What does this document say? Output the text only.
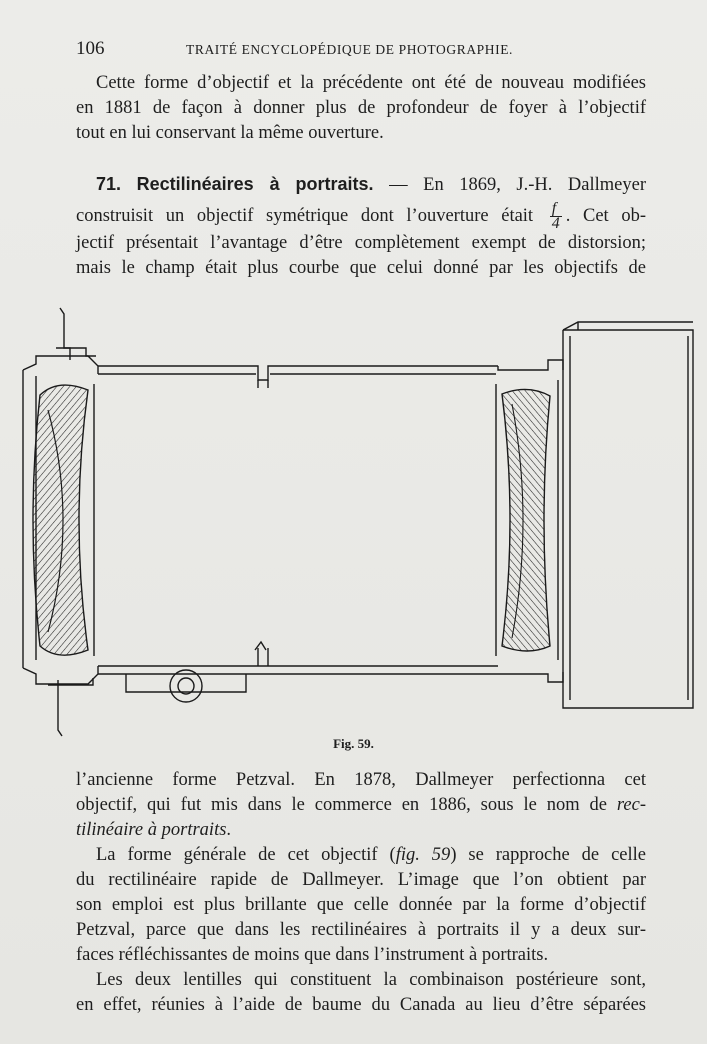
106	TRAITÉ ENCYCLOPÉDIQUE DE PHOTOGRAPHIE.
Cette forme d’objectif et la précédente ont été de nouveau modifiées
en 1881 de façon à donner plus de profondeur de foyer à l’objectif
tout en lui conservant la même ouverture.
71. Rectilinéaires à portraits. — En 1869, J.-H. Dallmeyer
construisit un objectif symétrique dont l’ouverture était $\frac{f}{4}$ . Cet ob-
jectif présentait l’avantage d’être complètement exempt de distorsion;
mais le champ était plus courbe que celui donné par les objectifs de
Fig. 59.
l’ancienne forme Petzval. En 1878, Dallmeyer perfectionna cet
objectif, qui fut mis dans le commerce en 1886, sous le nom de rec-
tilinéaire à portraits.
La forme générale de cet objectif (fig. 59) se rapproche de celle
du rectilinéaire rapide de Dallmeyer. L’image que l’on obtient par
son emploi est plus brillante que celle donnée par la forme d’objectif
Petzval, parce que dans les rectilinéaires à portraits il y a deux sur-
faces réfléchissantes de moins que dans l’instrument à portraits.
Les deux lentilles qui constituent la combinaison postérieure sont,
en effet, réunies à l’aide de baume du Canada au lieu d’être séparées
